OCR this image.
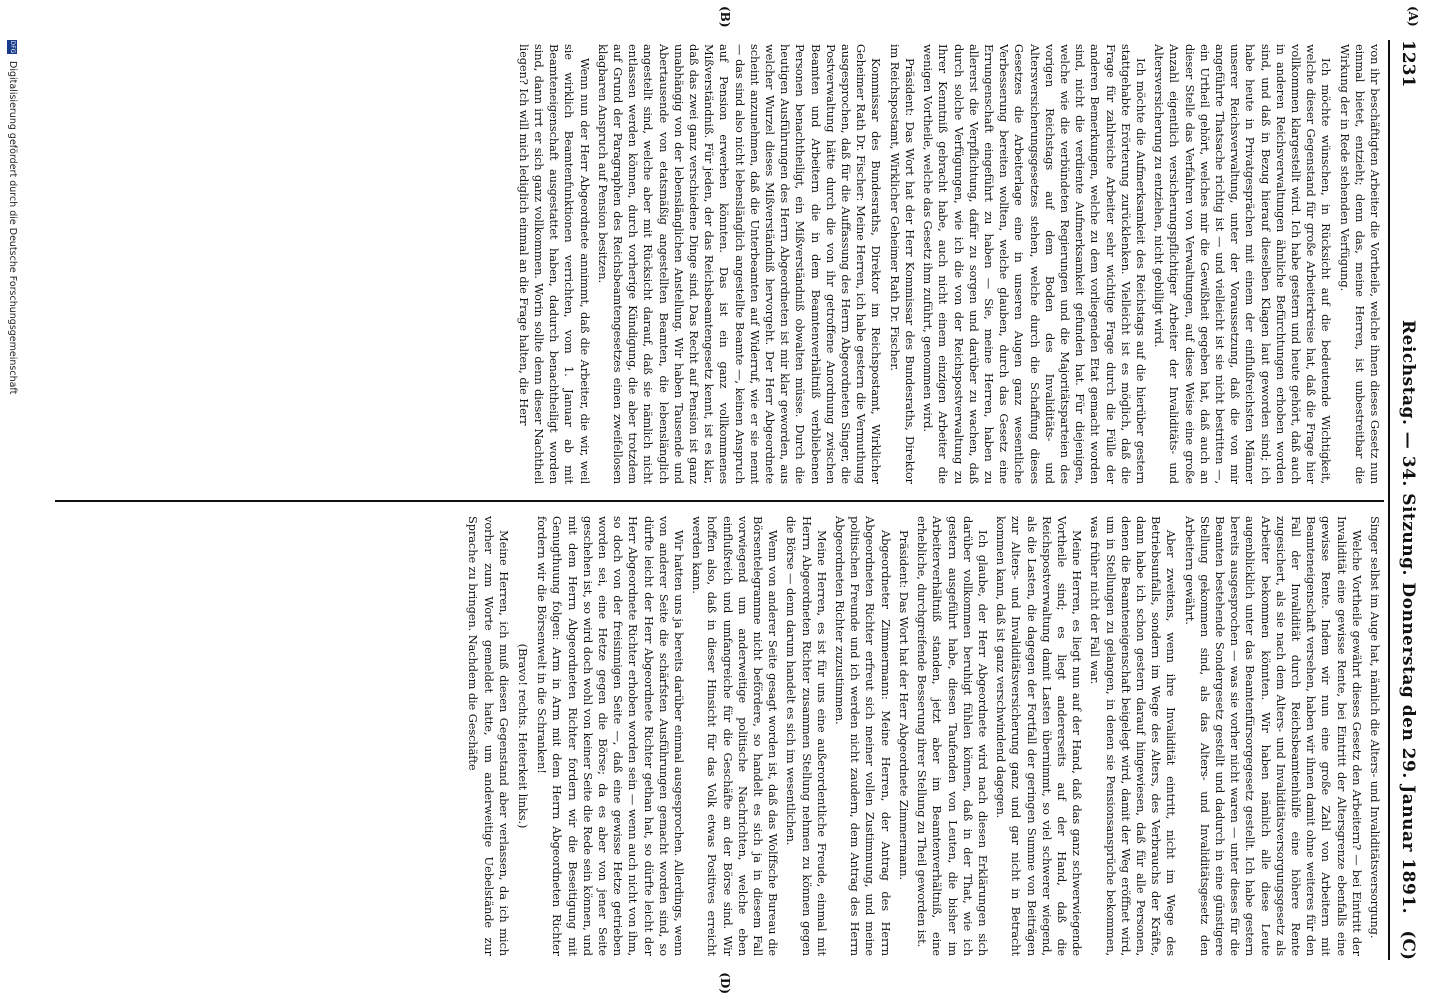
1231
Reichstag. — 34. Sitzung. Donnerstag den 29. Januar 1891.
(C)
(A)
(B)
(D)

von ihr beschäftigten Arbeiter die Vortheile, welche ihnen dieses Gesetz nun einmal bietet, entzieht; denn das, meine Herren, ist unbestreitbar die Wirkung der in Rede stehenden Verfügung.

Ich möchte wünschen, in Rücksicht auf die bedeutende Wichtigkeit, welche dieser Gegenstand für große Arbeiterkreise hat, daß die Frage hier vollkommen klargestellt wird. Ich habe gestern und heute gehört, daß auch in anderen Reichsverwaltungen ähnliche Befürchtungen erhoben worden sind, und daß in Bezug hierauf dieselben Klagen laut geworden sind; ich habe heute in Privatgesprächen mit einem der einflußreichsten Männer unserer Reichsverwaltung, unter der Voraussetzung, daß die von mir angeführte Thatsache richtig ist — und vielleicht ist sie nicht bestritten —, ein Urtheil gehört, welches mir die Gewißheit gegeben hat, daß auch an dieser Stelle das Verfahren von Verwaltungen, auf diese Weise eine große Anzahl eigentlich versicherungspflichtiger Arbeiter der Invaliditäts- und Altersversicherung zu entziehen, nicht gebilligt wird.

Ich möchte die Aufmerksamkeit des Reichstags auf die hierüber gestern stattgehabte Erörterung zurücklenken. Vielleicht ist es möglich, daß die Frage für zahlreiche Arbeiter sehr wichtige Frage durch die Fülle der anderen Bemerkungen, welche zu dem vorliegenden Etat gemacht worden sind, nicht die verdiente Aufmerksamkeit gefunden hat. Für diejenigen, welche wie die verbündeten Regierungen und die Majoritätsparteien des vorigen Reichstags auf dem Boden des Invaliditäts- und Altersversicherungsgesetzes stehen, welche durch die Schaffung dieses Gesetzes die Arbeiterlage eine in unseren Augen ganz wesentliche Verbesserung bereiten wollten, welche glauben, durch das Gesetz eine Errungenschaft eingeführt zu haben — Sie, meine Herren, haben zu allererst die Verpflichtung, dafür zu sorgen und darüber zu wachen, daß durch solche Verfügungen, wie ich die von der Reichspostverwaltung zu Ihrer Kenntniß gebracht habe, auch nicht einem einzigen Arbeiter die wenigen Vortheile, welche das Gesetz ihm zuführt, genommen wird.

Präsident: Das Wort hat der Herr Kommissar des Bundesraths, Direktor im Reichspostamt, Wirklicher Geheimer Rath Dr. Fischer.

Kommissar des Bundesraths, Direktor im Reichspostamt, Wirklicher Geheimer Rath Dr. Fischer: Meine Herren, ich habe gestern die Vermuthung ausgesprochen, daß für die Auffassung des Herrn Abgeordneten Singer, die Postverwaltung hätte durch die von ihr getroffene Anordnung zwischen Beamten und Arbeitern die in dem Beamtenverhältniß verbliebenen Personen benachtheiligt, ein Mißverständniß obwalten müsse. Durch die heutigen Ausführungen des Herrn Abgeordneten ist mir klar geworden, aus welcher Wurzel dieses Mißverständniß hervorgeht. Der Herr Abgeordnete scheint anzunehmen, daß die Unterbeamten auf Widerruf, wie er sie nennt — das sind also nicht lebenslänglich angestellte Beamte —, keinen Anspruch auf Pension erwerben könnten. Das ist ein ganz vollkommenes Mißverständniß. Für jeden, der das Reichsbeamtengesetz kennt, ist es klar, daß das zwei ganz verschiedene Dinge sind. Das Recht auf Pension ist ganz unabhängig von der lebenslänglichen Anstellung. Wir haben Tausende und Abertausende von etatsmäßig angestellten Beamten, die lebenslänglich angestellt sind, welche aber mit Rücksicht darauf, daß sie nämlich nicht entlassen werden können, durch vorherige Kündigung, die aber trotzdem auf Grund der Paragraphen des Reichsbeamtengesetzes einen zweifellosen klagbaren Anspruch auf Pension besitzen.

Wenn nun der Herr Abgeordnete annimmt, daß die Arbeiter, die wir, weil sie wirklich Beamtenfunktionen verrichten, vom 1. Januar ab mit Beamteneigenschaft ausgestattet haben, dadurch benachtheiligt worden sind, dann irrt er sich ganz vollkommen. Worin sollte denn dieser Nachtheil liegen? Ich will mich lediglich einmal an die Frage halten, die Herr

Singer selbst im Auge hat, nämlich die Alters- und Invaliditätsversorgung.

Welche Vortheile gewährt dieses Gesetz den Arbeitern? — bei Eintritt der Invalidität eine gewisse Rente, bei Eintritt der Altersgrenze ebenfalls eine gewisse Rente. Indem wir nun eine große Zahl von Arbeitern mit Beamteneigenschaft versehen, haben wir ihnen damit ohne weiteres für den Fall der Invalidität durch Reichsbeamtenhülfe eine höhere Rente zugesichert, als sie nach dem Alters- und Invaliditätsversorgungsgesetz als Arbeiter bekommen könnten. Wir haben nämlich alle diese Leute augenblicklich unter das Beamtenfürsorgegesetz gestellt. Ich habe gestern bereits ausgesprochen — was sie vorher nicht waren — unter dieses für die Beamten bestehende Sondergesetz gestellt und dadurch in eine günstigere Stellung gekommen sind, als das Alters- und Invaliditätsgesetz den Arbeitern gewährt.

Aber zweitens, wenn ihre Invalidität eintritt, nicht im Wege des Betriebsunfalls, sondern im Wege des Alters, des Verbrauchs der Kräfte, dann habe ich schon gestern darauf hingewiesen, daß für alle Personen, denen die Beamteneigenschaft beigelegt wird, damit der Weg eröffnet wird, um in Stellungen zu gelangen, in denen sie Pensionsansprüche bekommen, was früher nicht der Fall war.

Meine Herren, es liegt nun auf der Hand, daß das ganz schwerwiegende Vortheile sind; es liegt andererseits auf der Hand, daß die Reichspostverwaltung damit Lasten übernimmt, so viel schwerer wiegend, als die Lasten, die dagegen der Fortfall der geringen Summe von Beiträgen zur Alters- und Invaliditätsversicherung ganz und gar nicht in Betracht kommen kann, daß ist ganz verschwindend dagegen.

Ich glaube, der Herr Abgeordnete wird nach diesen Erklärungen sich darüber vollkommen beruhigt fühlen können, daß in der That, wie ich gestern ausgeführt habe, diesen Taufenden von Leuten, die bisher im Arbeiterverhältniß standen, jetzt aber im Beamtenverhältniß, eine erhebliche, durchgreifende Besserung ihrer Stellung zu Theil geworden ist.

Präsident: Das Wort hat der Herr Abgeordnete Zimmermann.

Abgeordneter Zimmermann: Meine Herren, der Antrag des Herrn Abgeordneten Richter erfreut sich meiner vollen Zustimmung, und meine politischen Freunde und ich werden nicht zaudern, dem Antrag des Herrn Abgeordneten Richter zuzustimmen.

Meine Herren, es ist für uns eine außerordentliche Freude, einmal mit Herrn Abgeordneten Richter zusammen Stellung nehmen zu können gegen die Börse — denn darum handelt es sich im wesentlichen.

Wenn von anderer Seite gesagt worden ist, daß das Wolffsche Bureau die Börsentelegramme nicht befördere, so handelt es sich ja in diesem Fall vorwiegend um anderweitige politische Nachrichten, welche eben einflußreich und umfangreiche für die Geschäfte an der Börse sind. Wir hoffen also, daß in dieser Hinsicht für das Volk etwas Positives erreicht werden kann.

Wir hatten uns ja bereits darüber einmal ausgesprochen. Allerdings, wenn von anderer Seite die schärfsten Ausführungen gemacht worden sind, so dürfte leicht der Herr Abgeordnete Richter gethan hat, so dürfte leicht der Herr Abgeordnete Richter erhoben worden sein — wenn auch nicht von ihm, so doch von der freisinnigen Seite —, daß eine gewisse Hetze getrieben worden sei, eine Hetze gegen die Börse; da es aber von jener Seite geschehen ist, so wird doch wohl von keiner Seite die Rede sein können, und mit dem Herrn Abgeordneten Richter fordern wir die Beseitigung mit Genugthuung folgen: Arm in Arm mit dem Herrn Abgeordneten Richter fordern wir die Börsenwelt in die Schranken!

(Bravo! rechts. Heiterkeit links.)

Meine Herren, ich muß diesen Gegenstand aber verlassen, da ich mich vorher zum Worte gemeldet hatte, um anderweitige Uebelstände zur Sprache zu bringen. Nachdem die Geschäfte

DFG Digitalisierung gefördert durch die Deutsche Forschungsgemeinschaft
